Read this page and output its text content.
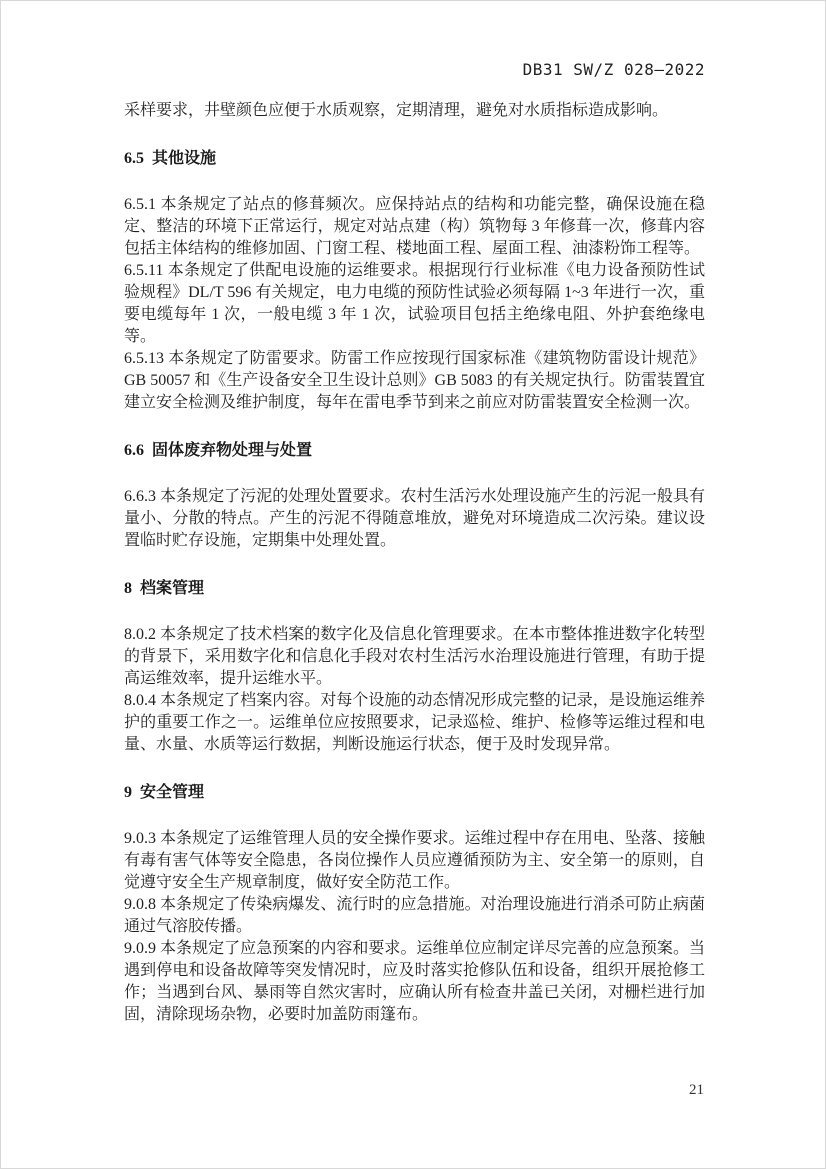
DB31 SW/Z 028—2022

采样要求，井壁颜色应便于水质观察，定期清理，避免对水质指标造成影响。

6.5  其他设施

6.5.1 本条规定了站点的修葺频次。应保持站点的结构和功能完整，确保设施在稳定、整洁的环境下正常运行，规定对站点建（构）筑物每 3 年修葺一次，修葺内容包括主体结构的维修加固、门窗工程、楼地面工程、屋面工程、油漆粉饰工程等。

6.5.11 本条规定了供配电设施的运维要求。根据现行行业标准《电力设备预防性试验规程》DL/T 596 有关规定，电力电缆的预防性试验必须每隔 1~3 年进行一次，重要电缆每年 1 次，一般电缆 3 年 1 次，试验项目包括主绝缘电阻、外护套绝缘电等。

6.5.13 本条规定了防雷要求。防雷工作应按现行国家标准《建筑物防雷设计规范》GB 50057 和《生产设备安全卫生设计总则》GB 5083 的有关规定执行。防雷装置宜建立安全检测及维护制度，每年在雷电季节到来之前应对防雷装置安全检测一次。

6.6  固体废弃物处理与处置

6.6.3 本条规定了污泥的处理处置要求。农村生活污水处理设施产生的污泥一般具有量小、分散的特点。产生的污泥不得随意堆放，避免对环境造成二次污染。建议设置临时贮存设施，定期集中处理处置。

8  档案管理

8.0.2 本条规定了技术档案的数字化及信息化管理要求。在本市整体推进数字化转型的背景下，采用数字化和信息化手段对农村生活污水治理设施进行管理，有助于提高运维效率，提升运维水平。

8.0.4 本条规定了档案内容。对每个设施的动态情况形成完整的记录，是设施运维养护的重要工作之一。运维单位应按照要求，记录巡检、维护、检修等运维过程和电量、水量、水质等运行数据，判断设施运行状态，便于及时发现异常。

9  安全管理

9.0.3 本条规定了运维管理人员的安全操作要求。运维过程中存在用电、坠落、接触有毒有害气体等安全隐患，各岗位操作人员应遵循预防为主、安全第一的原则，自觉遵守安全生产规章制度，做好安全防范工作。

9.0.8 本条规定了传染病爆发、流行时的应急措施。对治理设施进行消杀可防止病菌通过气溶胶传播。

9.0.9 本条规定了应急预案的内容和要求。运维单位应制定详尽完善的应急预案。当遇到停电和设备故障等突发情况时，应及时落实抢修队伍和设备，组织开展抢修工作；当遇到台风、暴雨等自然灾害时，应确认所有检查井盖已关闭，对栅栏进行加固，清除现场杂物，必要时加盖防雨篷布。

21
